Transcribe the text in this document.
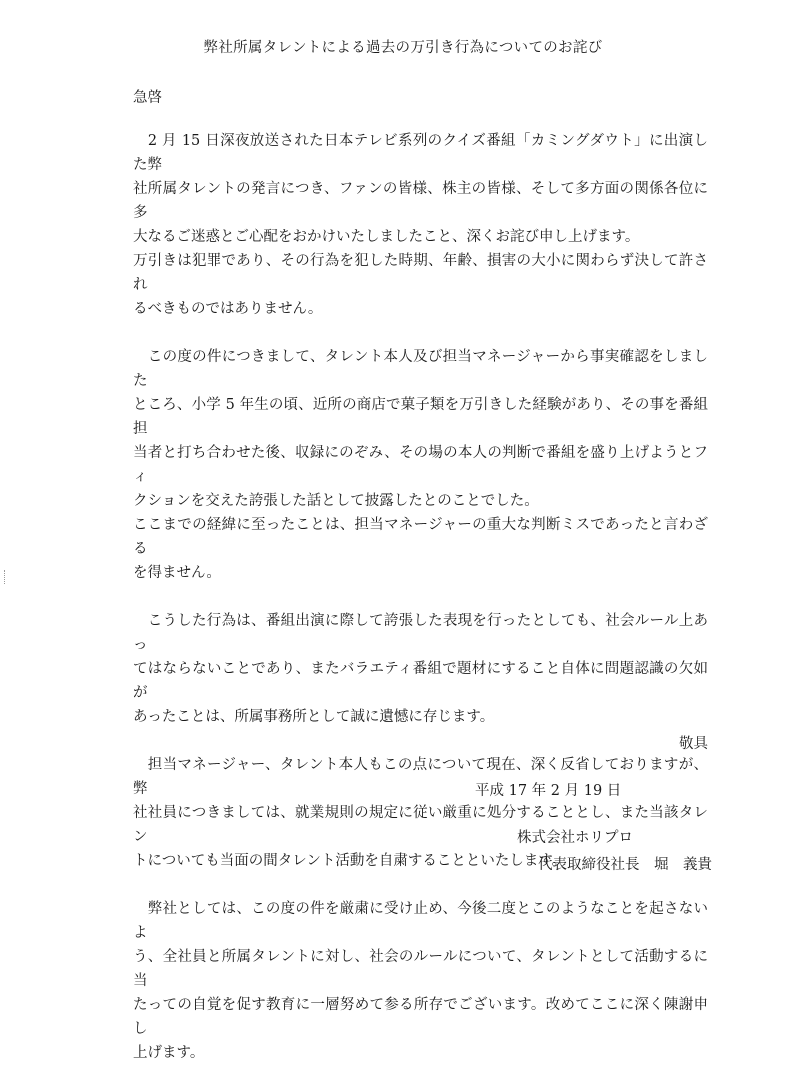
弊社所属タレントによる過去の万引き行為についてのお詫び
急啓

　2 月 15 日深夜放送された日本テレビ系列のクイズ番組「カミングダウト」に出演した弊
社所属タレントの発言につき、ファンの皆様、株主の皆様、そして多方面の関係各位に多
大なるご迷惑とご心配をおかけいたしましたこと、深くお詫び申し上げます。
万引きは犯罪であり、その行為を犯した時期、年齢、損害の大小に関わらず決して許され
るべきものではありません。

　この度の件につきまして、タレント本人及び担当マネージャーから事実確認をしました
ところ、小学 5 年生の頃、近所の商店で菓子類を万引きした経験があり、その事を番組担
当者と打ち合わせた後、収録にのぞみ、その場の本人の判断で番組を盛り上げようとフィ
クションを交えた誇張した話として披露したとのことでした。
ここまでの経緯に至ったことは、担当マネージャーの重大な判断ミスであったと言わざる
を得ません。

　こうした行為は、番組出演に際して誇張した表現を行ったとしても、社会ルール上あっ
てはならないことであり、またバラエティ番組で題材にすること自体に問題認識の欠如が
あったことは、所属事務所として誠に遺憾に存じます。

　担当マネージャー、タレント本人もこの点について現在、深く反省しておりますが、弊
社社員につきましては、就業規則の規定に従い厳重に処分することとし、また当該タレン
トについても当面の間タレント活動を自粛することといたします。

　弊社としては、この度の件を厳粛に受け止め、今後二度とこのようなことを起さないよ
う、全社員と所属タレントに対し、社会のルールについて、タレントとして活動するに当
たっての自覚を促す教育に一層努めて参る所存でございます。改めてここに深く陳謝申し
上げます。

敬具
平成 17 年 2 月 19 日
株式会社ホリプロ
代表取締役社長　堀　義貴
